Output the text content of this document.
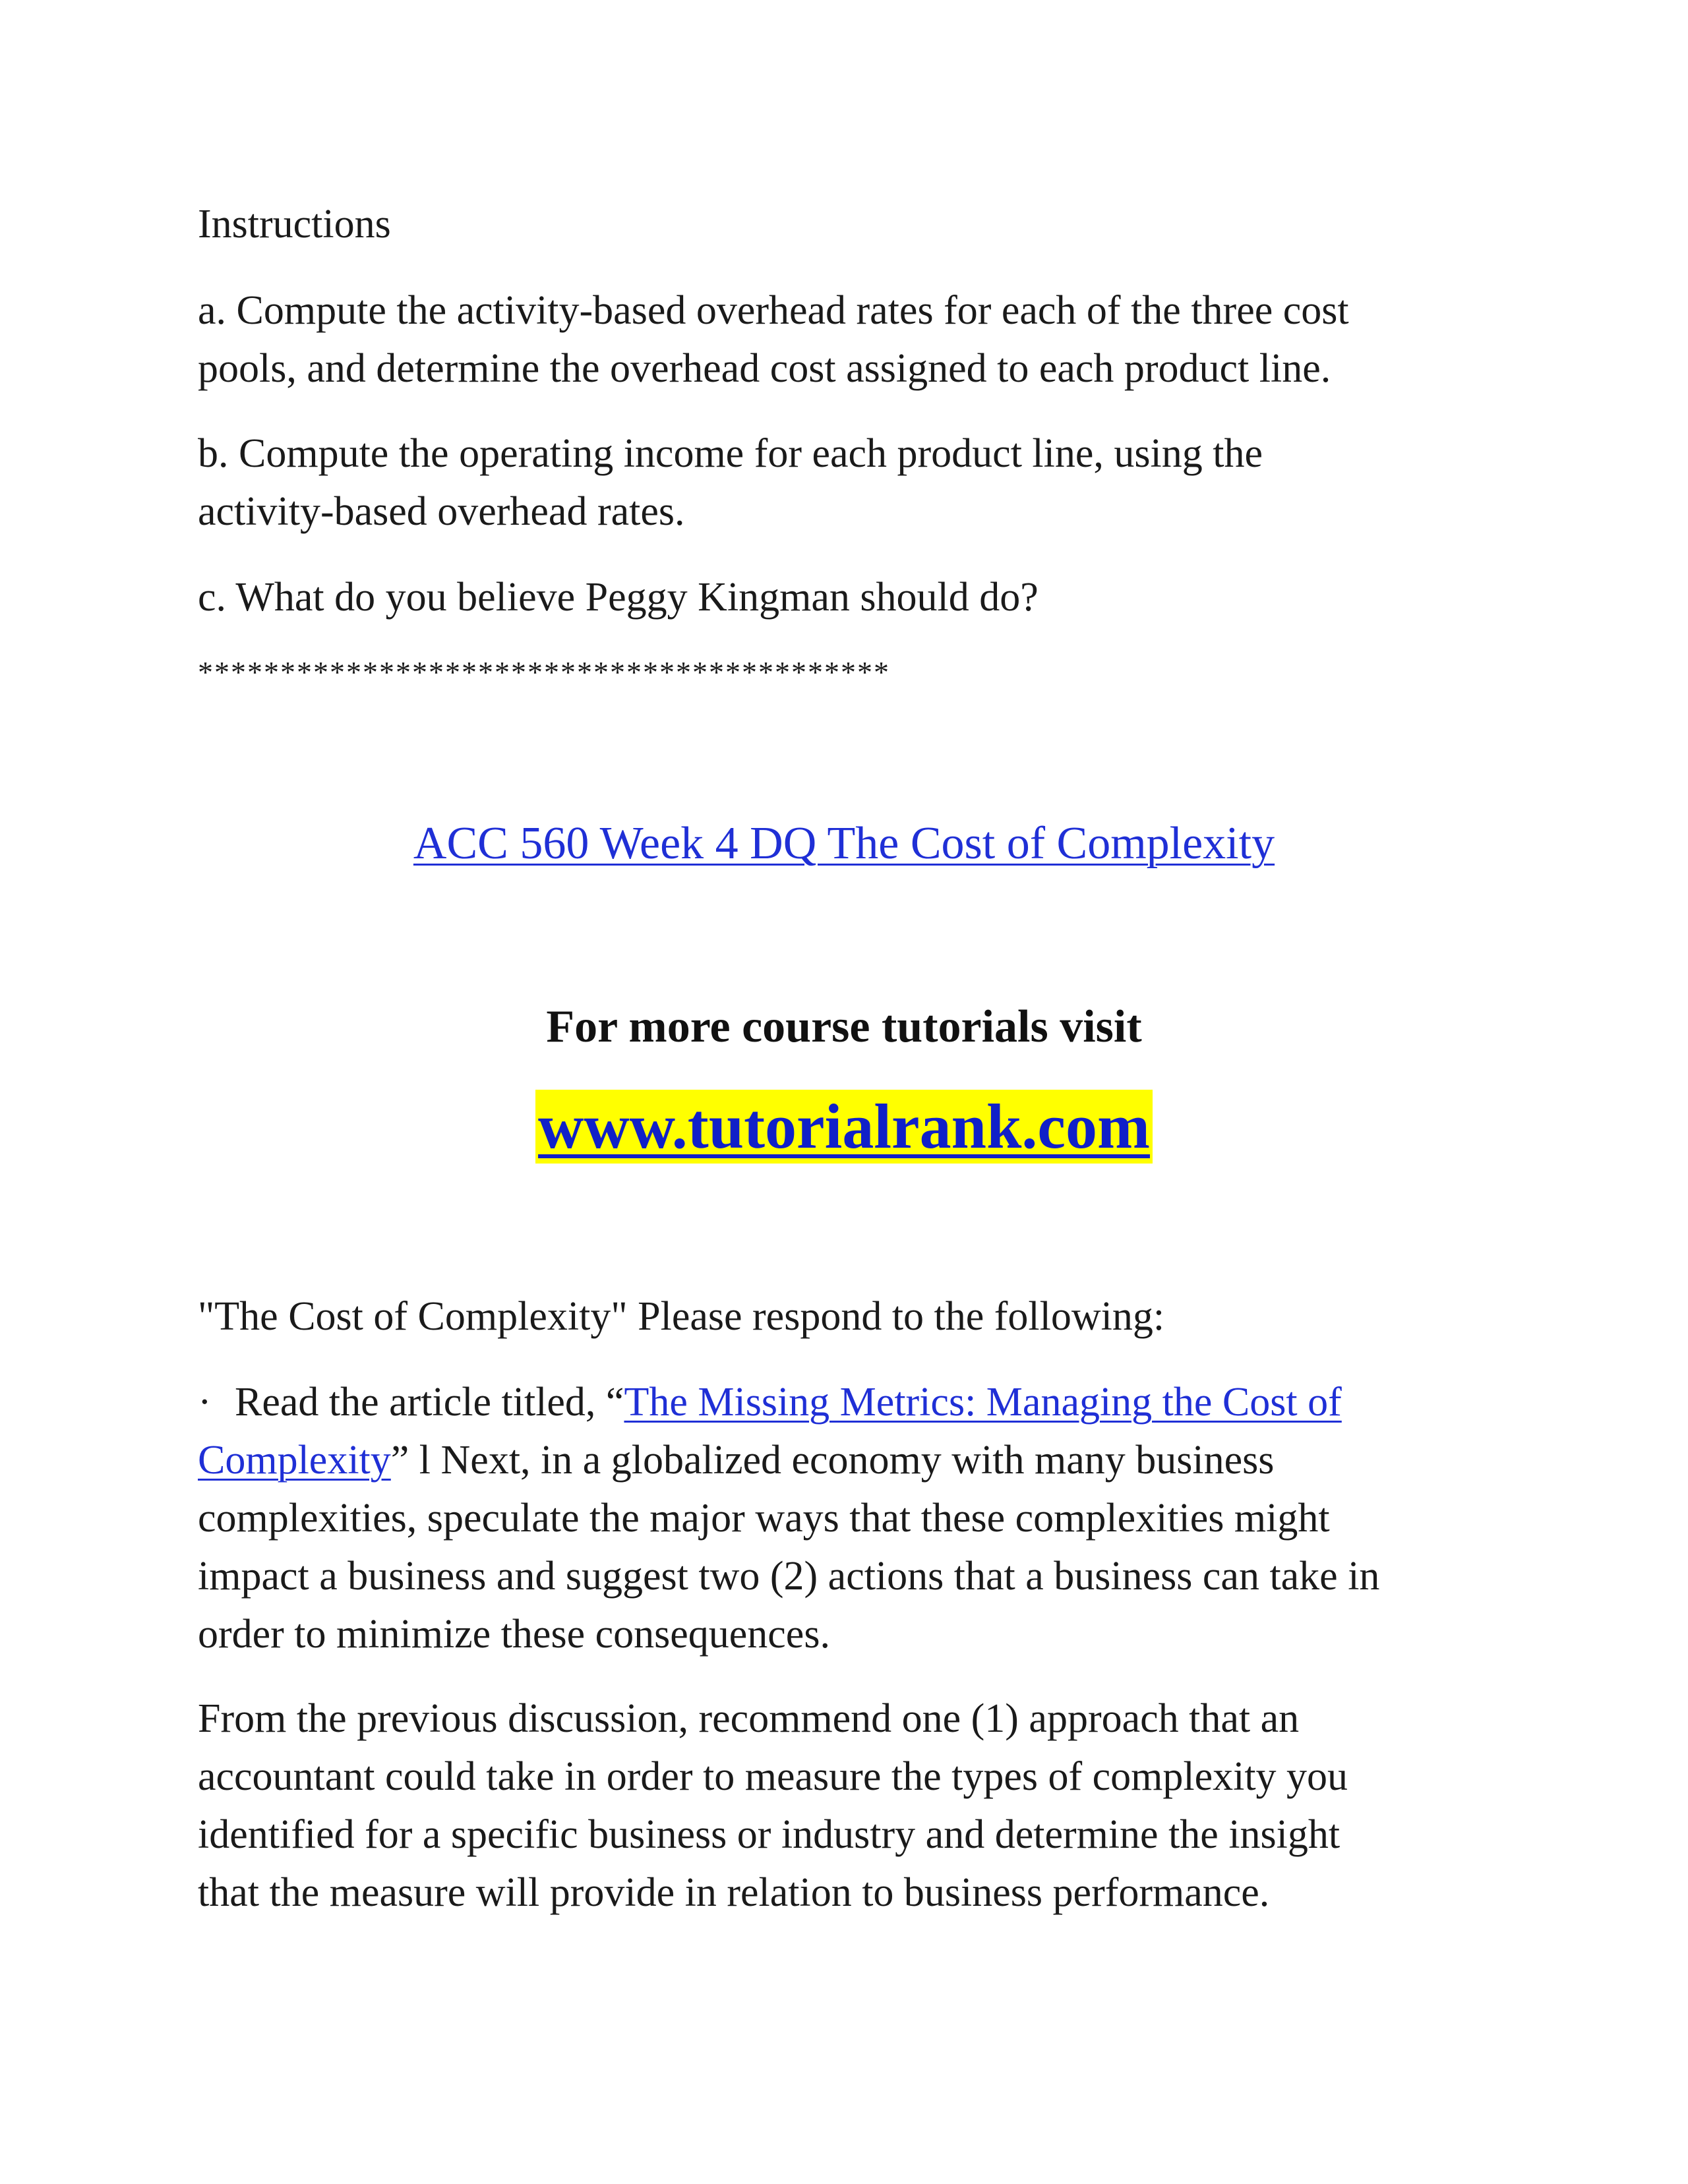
Instructions

a. Compute the activity-based overhead rates for each of the three cost

pools, and determine the overhead cost assigned to each product line.

b. Compute the operating income for each product line, using the

activity-based overhead rates.

c. What do you believe Peggy Kingman should do?

******************************************
ACC 560 Week 4 DQ The Cost of Complexity
For more course tutorials visit
www.tutorialrank.com

"The Cost of Complexity" Please respond to the following:

· Read the article titled, “The Missing Metrics: Managing the Cost of

Complexity” l Next, in a globalized economy with many business

complexities, speculate the major ways that these complexities might

impact a business and suggest two (2) actions that a business can take in

order to minimize these consequences.

From the previous discussion, recommend one (1) approach that an

accountant could take in order to measure the types of complexity you

identified for a specific business or industry and determine the insight

that the measure will provide in relation to business performance.
